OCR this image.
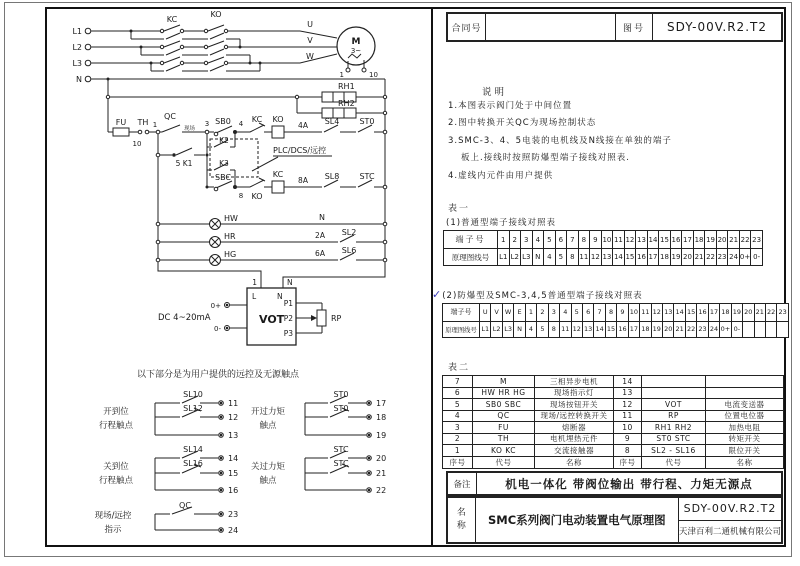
L1
L2
L3
N
KC
KO
U
V
W
M
3~
1	10
RH1
RH2
FU TH 1
10
QC
现场
3 SB0 4 KC KO
4A SL4	ST0
5 K1
K2
K3
PLC/DCS/远控
SBC
8 KO
KC
8A SL8	STC
HW
HR
HG
N
2A SL2
6A SL6
1	N
L	N
VOT
P1
P2
P3
RP
DC 4~20mA
0+
0-
以下部分是为用户提供的远控及无源触点
开到位
行程触点
SL10
SL12
11
12
13
关到位
行程触点
SL14
SL16
14
15
16
开过力矩
触点
ST0
ST0
17
18
19
关过力矩
触点
STC
STC
20
21
22
现场/远控
指示
QC
23
24
合同号	图号	SDY-00V.R2.T2
说明
1.本图表示阀门处于中间位置
2.图中转换开关QC为现场控制状态
3.SMC-3、4、5电装的电机线及N线接在单独的端子
板上.接线时按照防爆型端子接线对照表.
4.虚线内元件由用户提供
表一
(1)普通型端子接线对照表
端子号	1	2	3	4	5	6	7	8	9 10 11 12 13 14 15 16 17 18 19 20 21 22 23
原理图线号	L1 L2 L3 N 4	5	8 11 12 13 14 15 16 17 18 19 20 21 22 23 24 0+ 0-
✓(2)防爆型及SMC-3,4,5普通型端子接线对照表
端子号	U	V W E	1	2	3	4	5	6	7	8	9 10 11 12 13 14 15 16 17 18 19 20 21 22 23
原理图线号 L1 L2 L3 N	4	5	8 11 12 13 14 15 16 17 18 19 20 21 22 23 24 0+ 0-
表二
7	M	三相异步电机	14
6	HW HR HG	现场指示灯	13
5	SB0 SBC	现场按钮开关	12	VOT	电流变送器
4	QC	现场/远控转换开关	11	RP	位置电位器
3	FU	熔断器	10	RH1 RH2	加热电阻
2	TH	电机埋热元件	9	ST0 STC	转矩开关
1	KO KC	交流接触器	8	SL2 - SL16	限位开关
序号	代号	名称	序号	代号	名称
备注	机电一体化 带阀位输出 带行程、力矩无源点
名称	SMC系列阀门电动装置电气原理图
SDY-00V.R2.T2
天津百利二通机械有限公司
